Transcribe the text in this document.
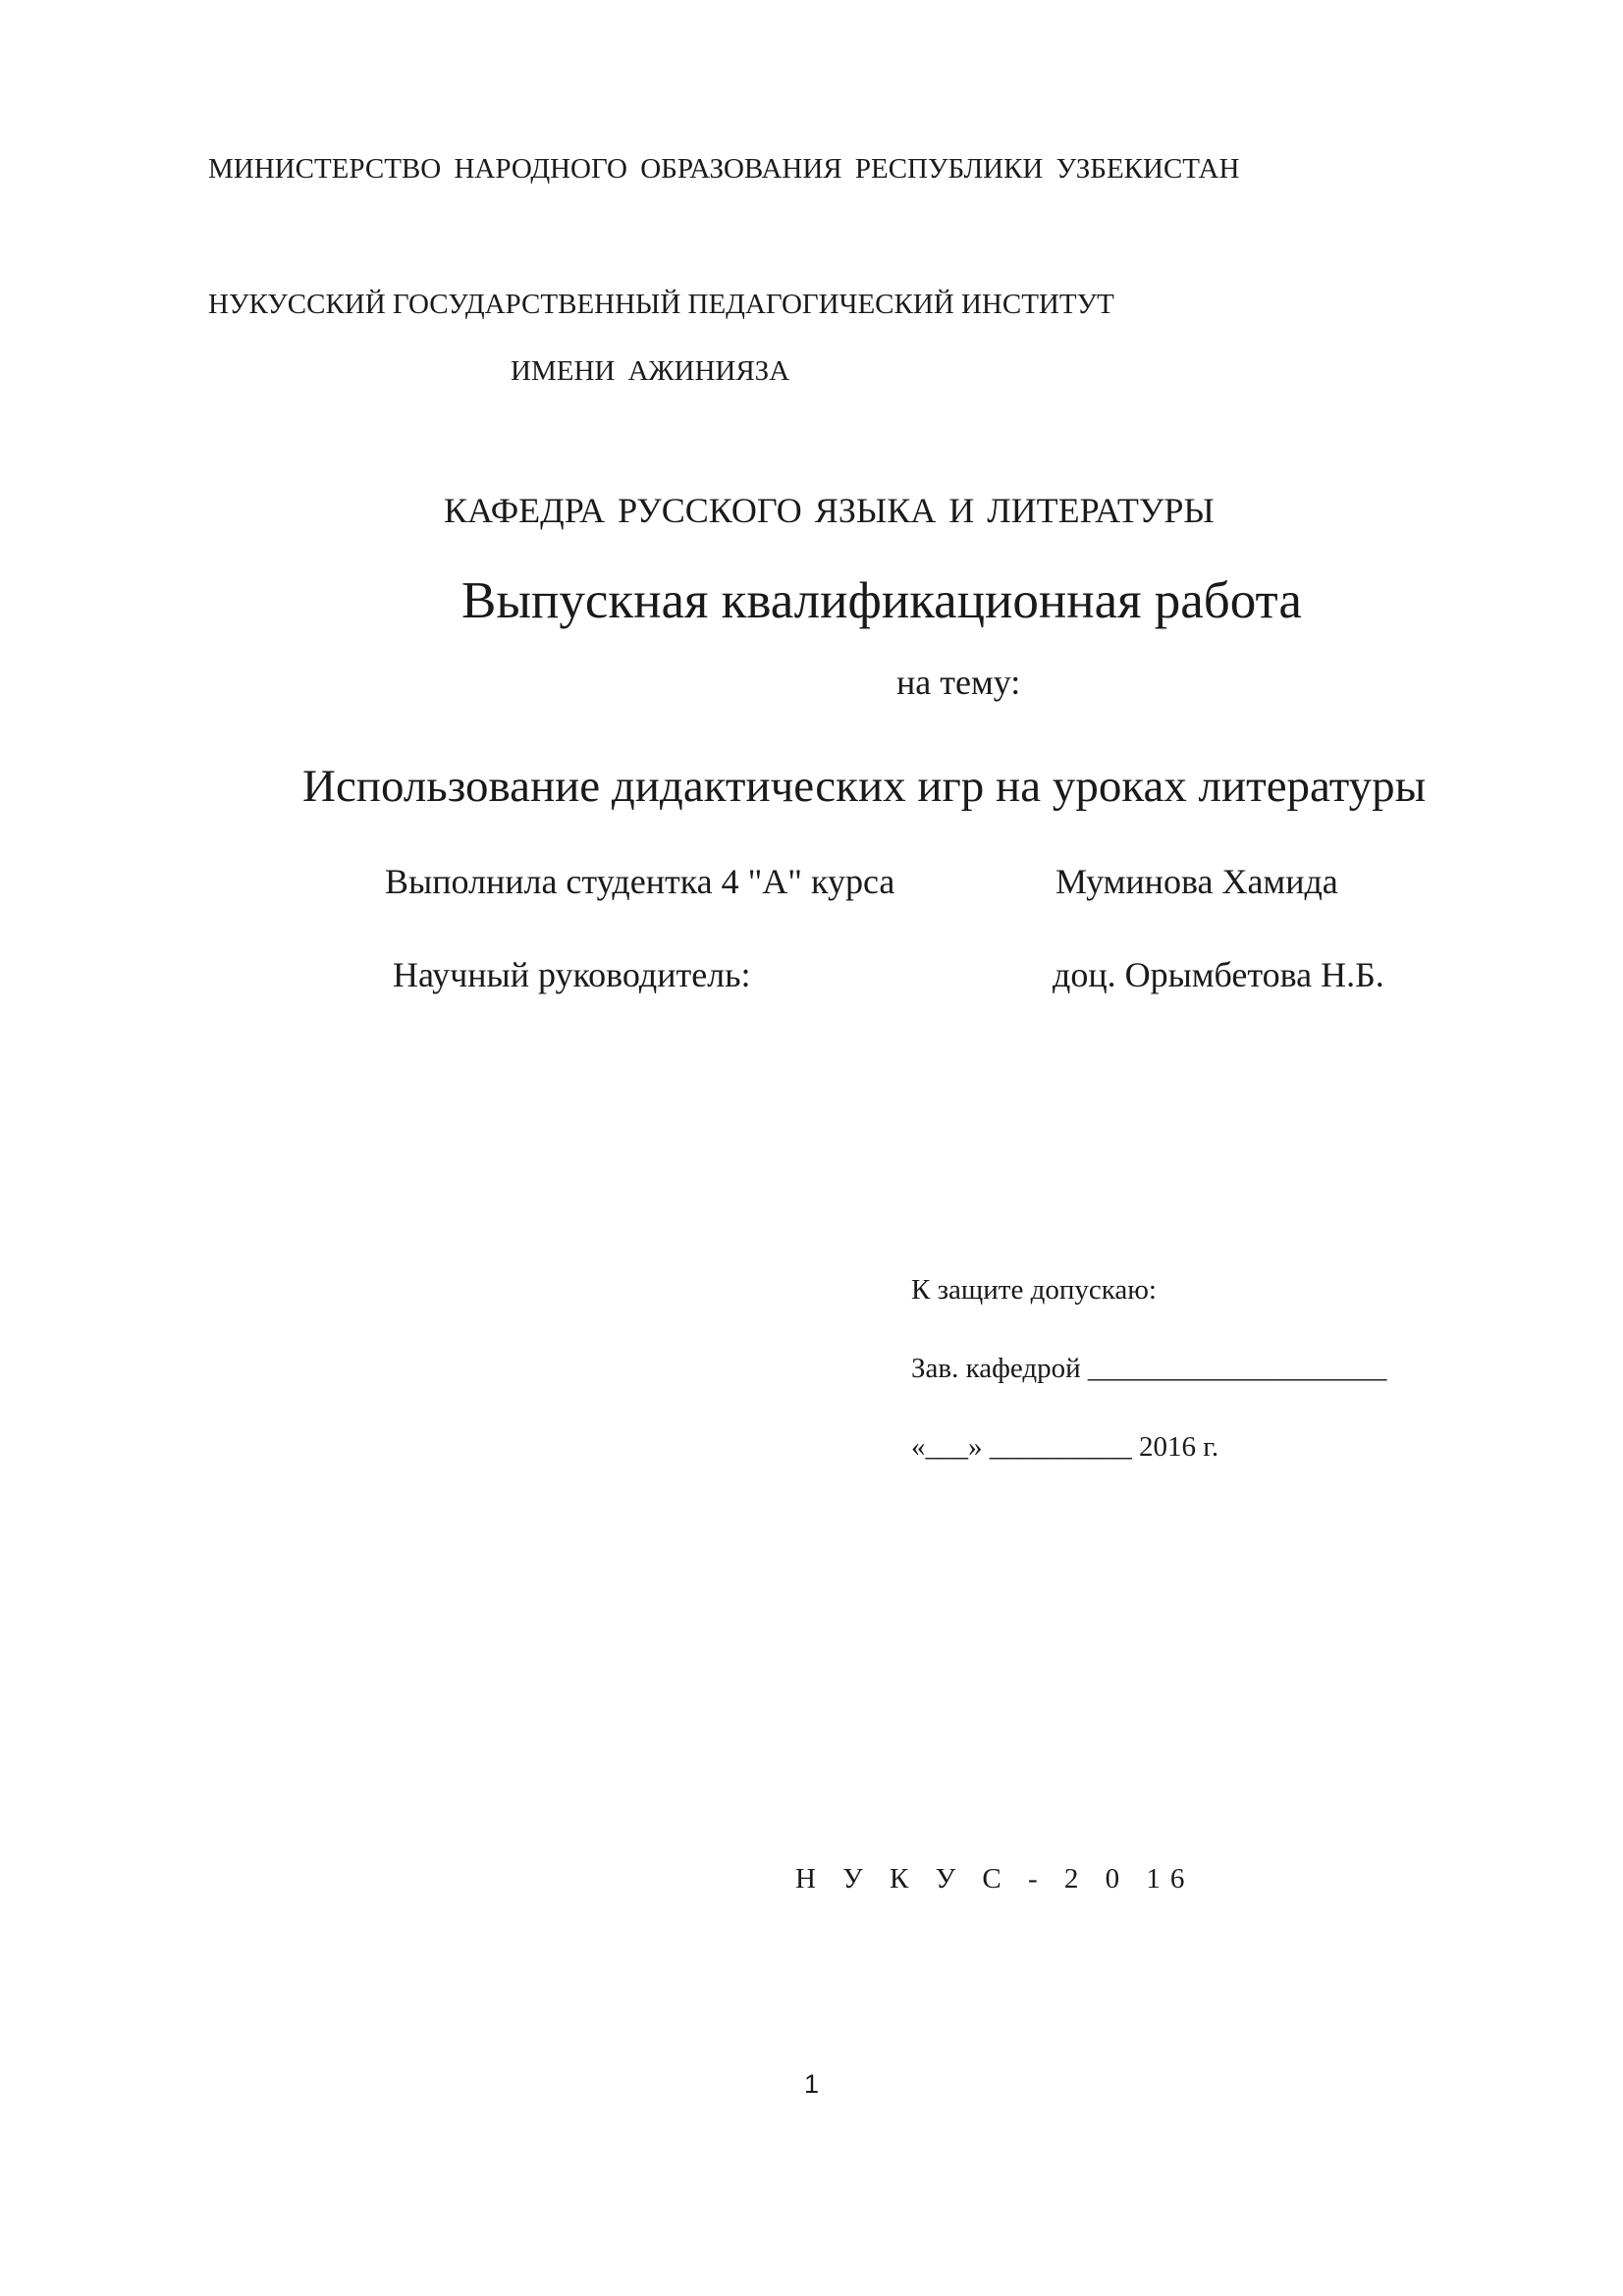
МИНИСТЕРСТВО НАРОДНОГО ОБРАЗОВАНИЯ РЕСПУБЛИКИ УЗБЕКИСТАН

НУКУССКИЙ ГОСУДАРСТВЕННЫЙ ПЕДАГОГИЧЕСКИЙ ИНСТИТУТ

ИМЕНИ АЖИНИЯЗА

КАФЕДРА РУССКОГО ЯЗЫКА И ЛИТЕРАТУРЫ

Выпускная квалификационная работа

на тему:

Использование дидактических игр на уроках литературы

Выполнила студентка 4 "А" курса	Муминова Хамида

Научный руководитель:	доц. Орымбетова Н.Б.

К защите допускаю:

Зав. кафедрой _____________________

«___» __________ 2016 г.

Н У К У С - 2 0 16

1
